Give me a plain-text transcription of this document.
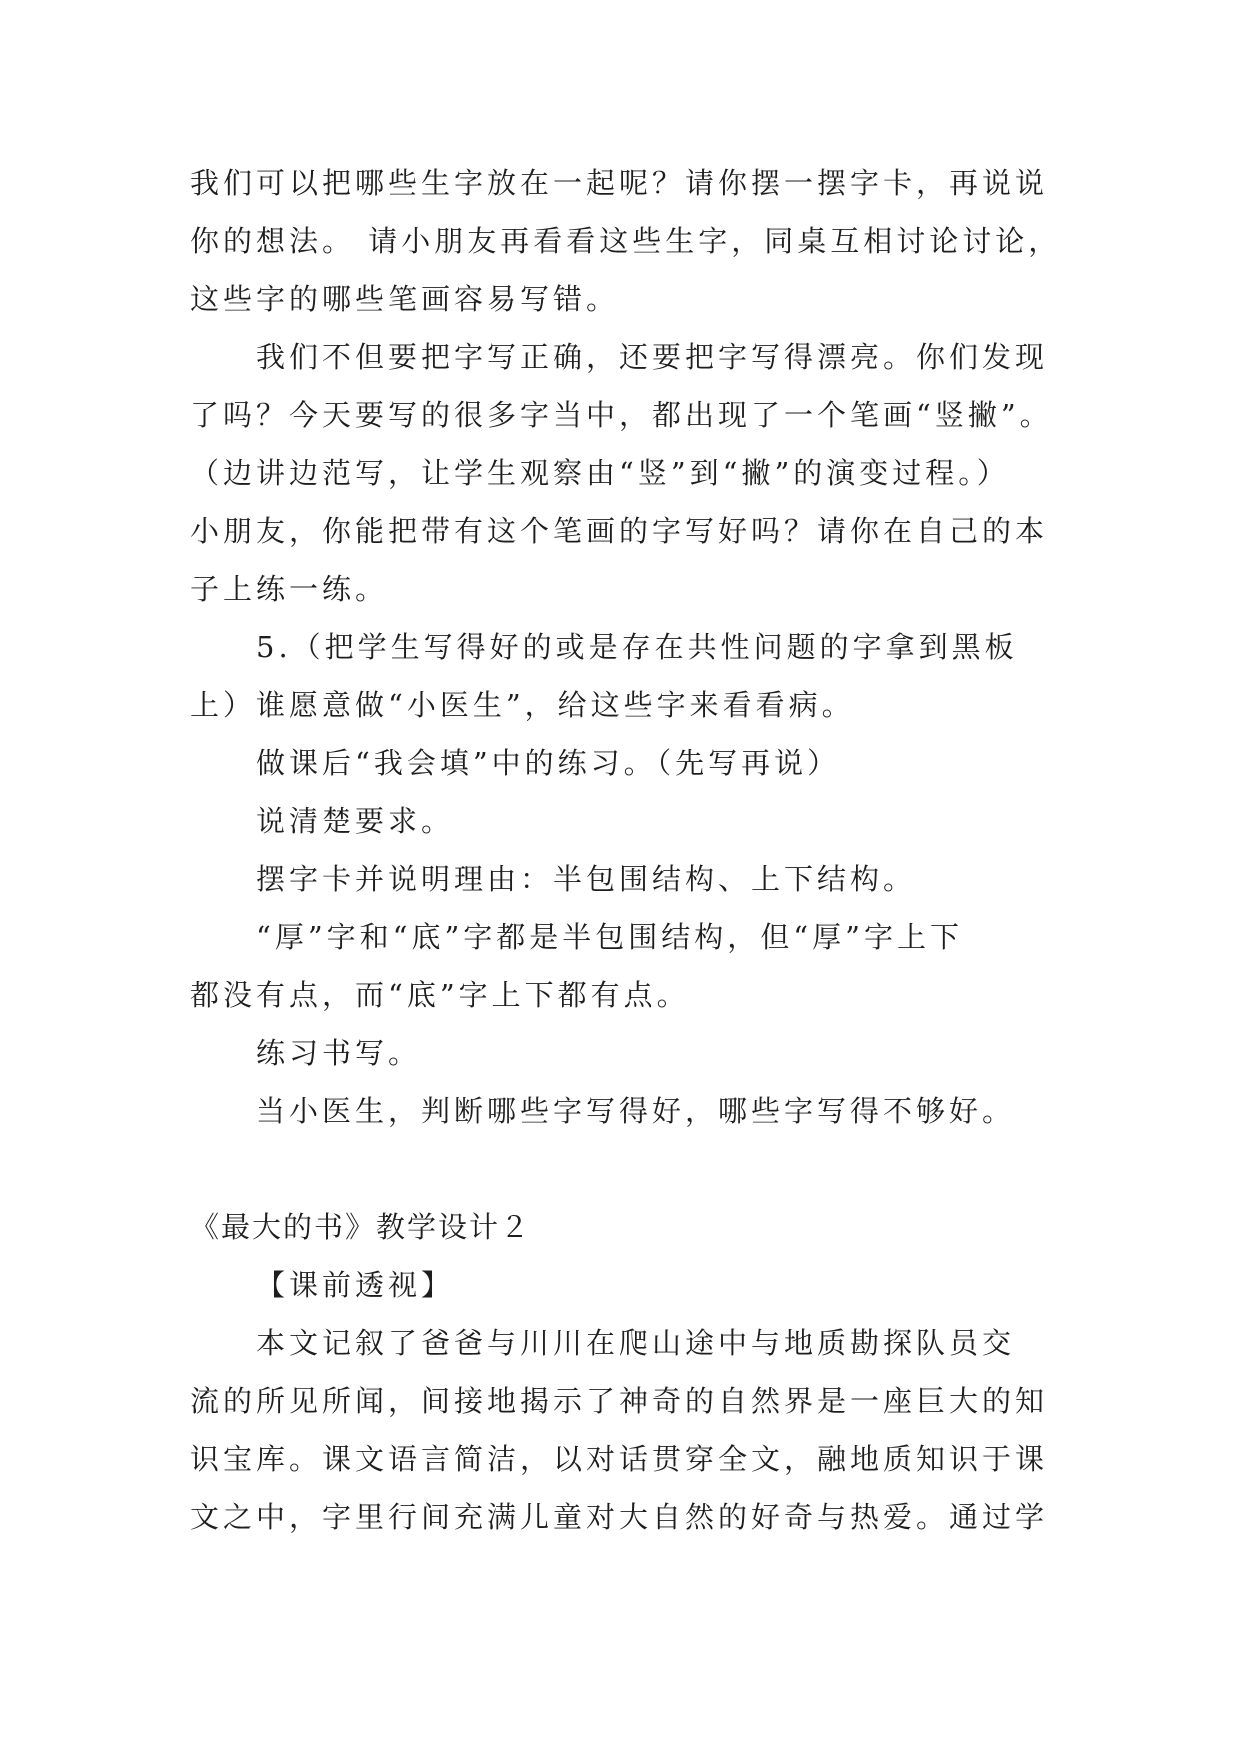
我们可以把哪些生字放在一起呢？请你摆一摆字卡，再说说

你的想法。 请小朋友再看看这些生字，同桌互相讨论讨论，

这些字的哪些笔画容易写错。

我们不但要把字写正确，还要把字写得漂亮。你们发现

了吗？今天要写的很多字当中，都出现了一个笔画“竖撇”。

（边讲边范写，让学生观察由“竖”到“撇”的演变过程。）

小朋友，你能把带有这个笔画的字写好吗？请你在自己的本

子上练一练。

5.（把学生写得好的或是存在共性问题的字拿到黑板

上）谁愿意做“小医生”，给这些字来看看病。

做课后“我会填”中的练习。（先写再说）

说清楚要求。

摆字卡并说明理由：半包围结构、上下结构。

“厚”字和“底”字都是半包围结构，但“厚”字上下

都没有点，而“底”字上下都有点。

练习书写。

当小医生，判断哪些字写得好，哪些字写得不够好。

《最大的书》教学设计２

【课前透视】

本文记叙了爸爸与川川在爬山途中与地质勘探队员交

流的所见所闻，间接地揭示了神奇的自然界是一座巨大的知

识宝库。课文语言简洁，以对话贯穿全文，融地质知识于课

文之中，字里行间充满儿童对大自然的好奇与热爱。通过学
